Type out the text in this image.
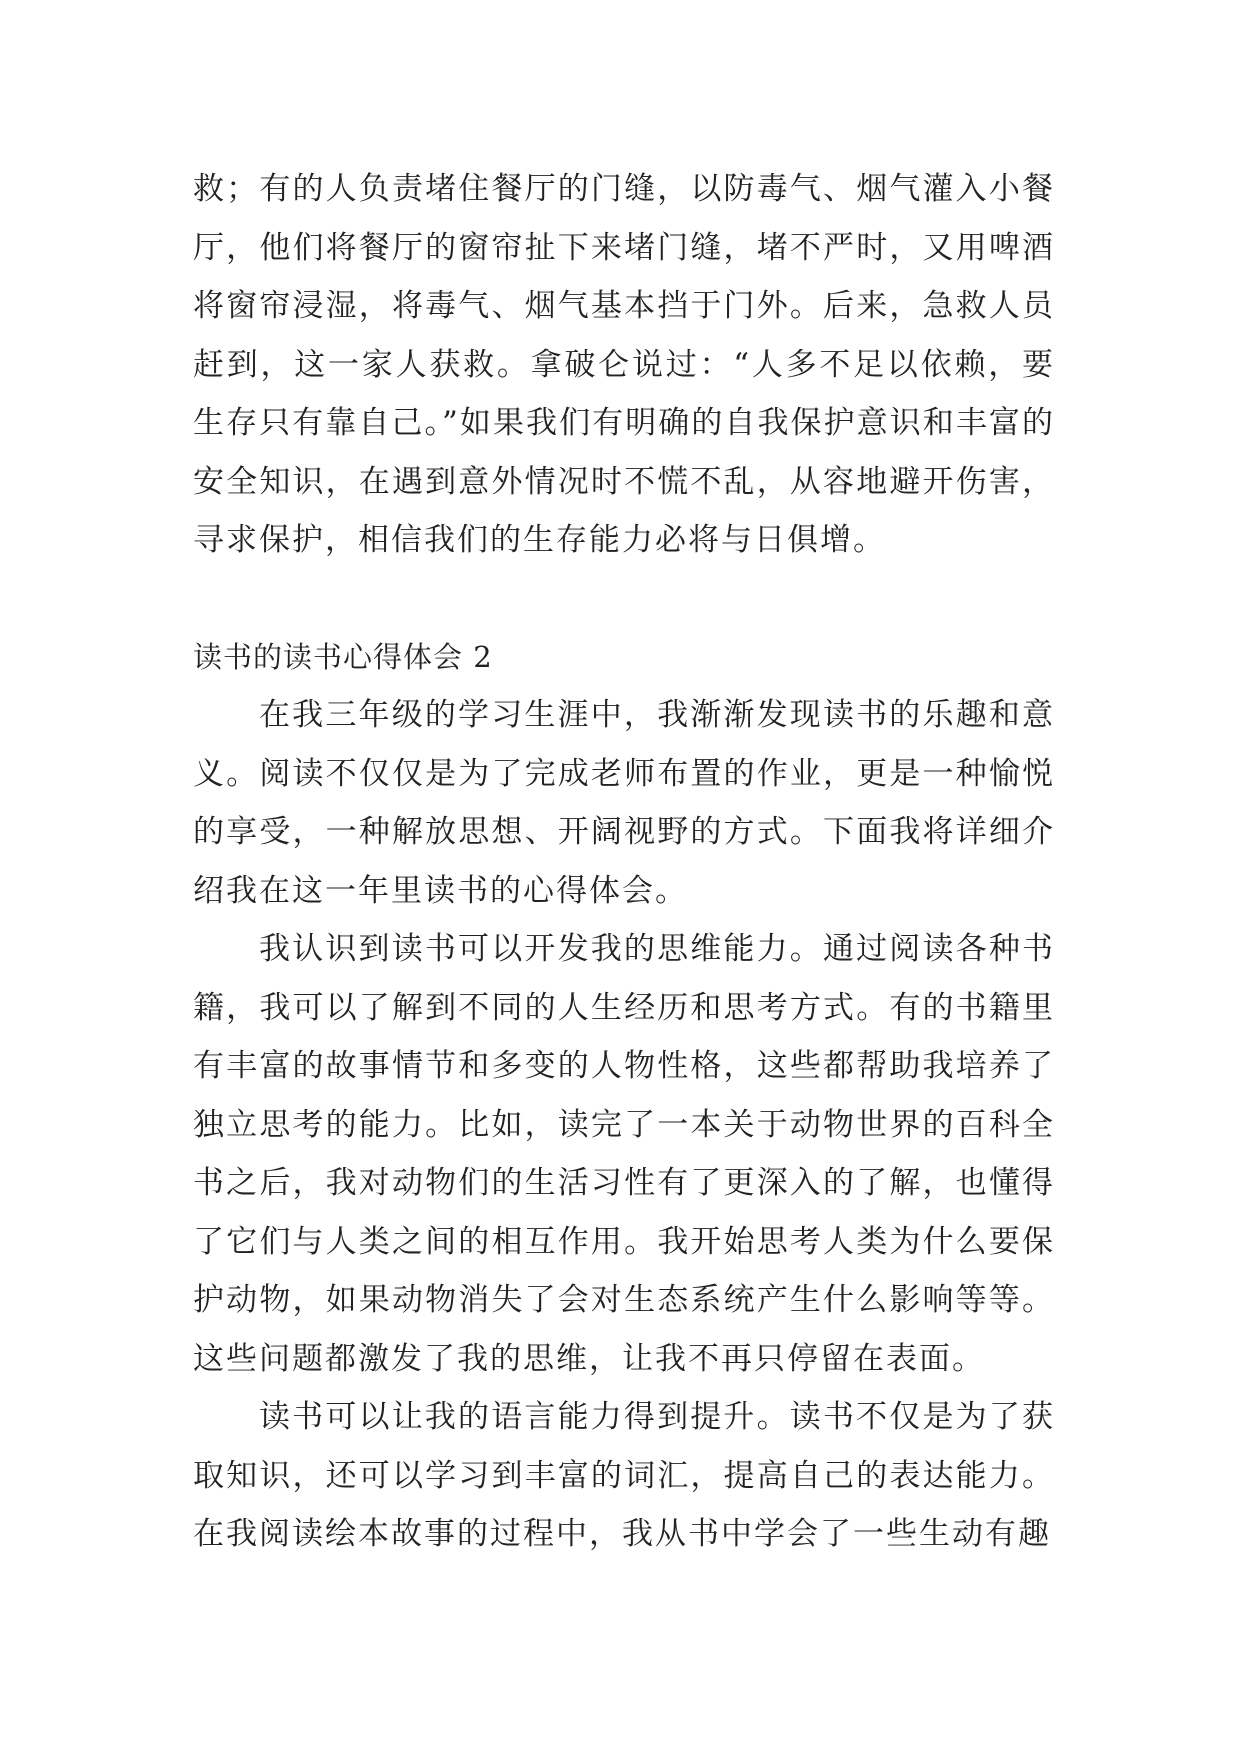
救；有的人负责堵住餐厅的门缝，以防毒气、烟气灌入小餐厅，他们将餐厅的窗帘扯下来堵门缝，堵不严时，又用啤酒将窗帘浸湿，将毒气、烟气基本挡于门外。后来，急救人员赶到，这一家人获救。拿破仑说过：“人多不足以依赖，要生存只有靠自己。”如果我们有明确的自我保护意识和丰富的安全知识，在遇到意外情况时不慌不乱，从容地避开伤害，寻求保护，相信我们的生存能力必将与日俱增。

读书的读书心得体会 2

在我三年级的学习生涯中，我渐渐发现读书的乐趣和意义。阅读不仅仅是为了完成老师布置的作业，更是一种愉悦的享受，一种解放思想、开阔视野的方式。下面我将详细介绍我在这一年里读书的心得体会。

我认识到读书可以开发我的思维能力。通过阅读各种书籍，我可以了解到不同的人生经历和思考方式。有的书籍里有丰富的故事情节和多变的人物性格，这些都帮助我培养了独立思考的能力。比如，读完了一本关于动物世界的百科全书之后，我对动物们的生活习性有了更深入的了解，也懂得了它们与人类之间的相互作用。我开始思考人类为什么要保护动物，如果动物消失了会对生态系统产生什么影响等等。这些问题都激发了我的思维，让我不再只停留在表面。

读书可以让我的语言能力得到提升。读书不仅是为了获取知识，还可以学习到丰富的词汇，提高自己的表达能力。在我阅读绘本故事的过程中，我从书中学会了一些生动有趣
